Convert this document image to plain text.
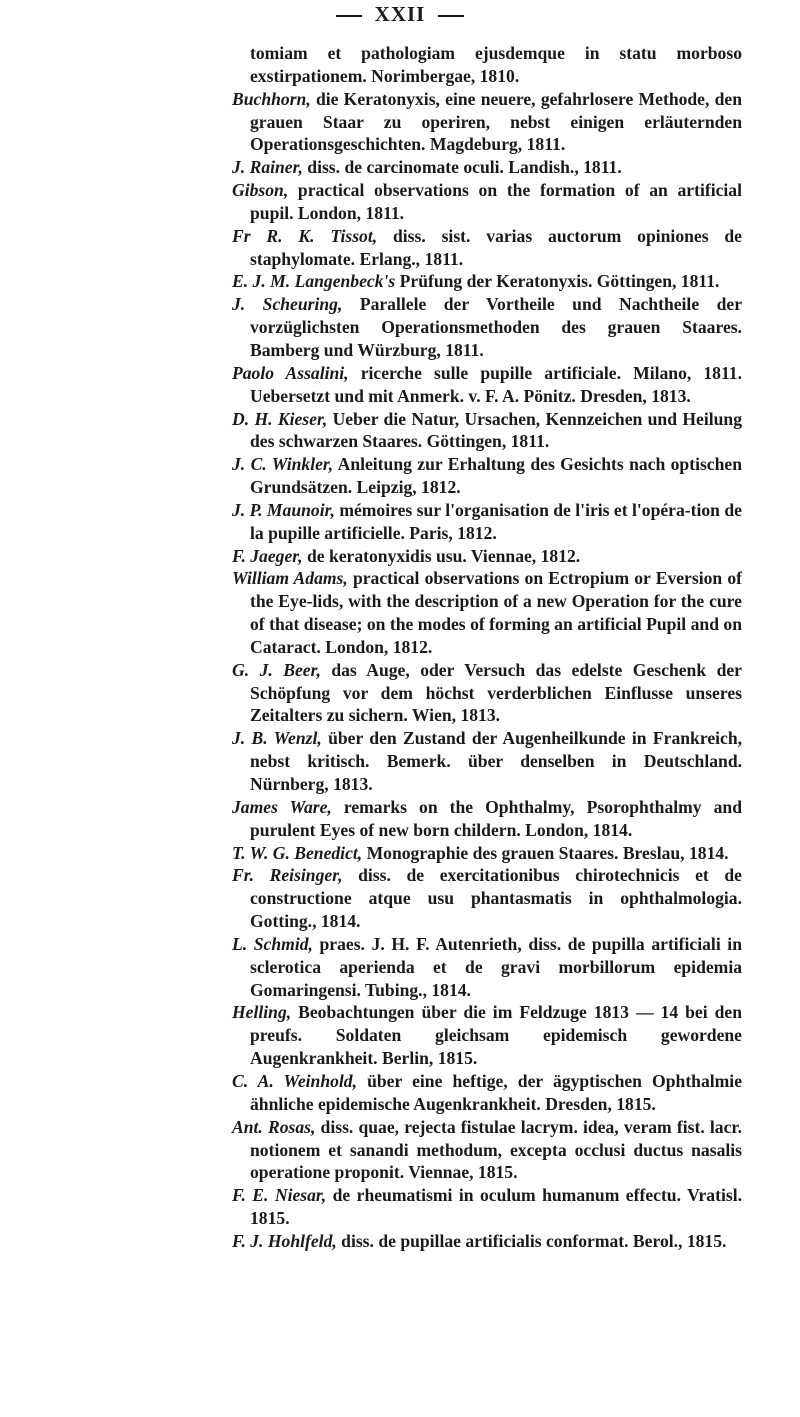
XXII
tomiam et pathologiam ejusdemque in statu morboso exstirpationem. Norimbergae, 1810.
Buchhorn, die Keratonyxis, eine neuere, gefahrlosere Methode, den grauen Staar zu operiren, nebst einigen erläuternden Operationsgeschichten. Magdeburg, 1811.
J. Rainer, diss. de carcinomate oculi. Landish., 1811.
Gibson, practical observations on the formation of an artificial pupil. London, 1811.
Fr R. K. Tissot, diss. sist. varias auctorum opiniones de staphylomate. Erlang., 1811.
E. J. M. Langenbeck's Prüfung der Keratonyxis. Göttingen, 1811.
J. Scheuring, Parallele der Vortheile und Nachtheile der vorzüglichsten Operationsmethoden des grauen Staares. Bamberg und Würzburg, 1811.
Paolo Assalini, ricerche sulle pupille artificiale. Milano, 1811. Uebersetzt und mit Anmerk. v. F. A. Pönitz. Dresden, 1813.
D. H. Kieser, Ueber die Natur, Ursachen, Kennzeichen und Heilung des schwarzen Staares. Göttingen, 1811.
J. C. Winkler, Anleitung zur Erhaltung des Gesichts nach optischen Grundsätzen. Leipzig, 1812.
J. P. Maunoir, mémoires sur l'organisation de l'iris et l'opéra-tion de la pupille artificielle. Paris, 1812.
F. Jaeger, de keratonyxidis usu. Viennae, 1812.
William Adams, practical observations on Ectropium or Eversion of the Eye-lids, with the description of a new Operation for the cure of that disease; on the modes of forming an artificial Pupil and on Cataract. London, 1812.
G. J. Beer, das Auge, oder Versuch das edelste Geschenk der Schöpfung vor dem höchst verderblichen Einflusse unseres Zeitalters zu sichern. Wien, 1813.
J. B. Wenzl, über den Zustand der Augenheilkunde in Frankreich, nebst kritisch. Bemerk. über denselben in Deutschland. Nürnberg, 1813.
James Ware, remarks on the Ophthalmy, Psorophthalmy and purulent Eyes of new born childern. London, 1814.
T. W. G. Benedict, Monographie des grauen Staares. Breslau, 1814.
Fr. Reisinger, diss. de exercitationibus chirotechnicis et de constructione atque usu phantasmatis in ophthalmologia. Gotting., 1814.
L. Schmid, praes. J. H. F. Autenrieth, diss. de pupilla artificiali in sclerotica aperienda et de gravi morbillorum epidemia Gomaringensi. Tubing., 1814.
Helling, Beobachtungen über die im Feldzuge 1813 — 14 bei den preufs. Soldaten gleichsam epidemisch gewordene Augenkrankheit. Berlin, 1815.
C. A. Weinhold, über eine heftige, der ägyptischen Ophthalmie ähnliche epidemische Augenkrankheit. Dresden, 1815.
Ant. Rosas, diss. quae, rejecta fistulae lacrym. idea, veram fist. lacr. notionem et sanandi methodum, excepta occlusi ductus nasalis operatione proponit. Viennae, 1815.
F. E. Niesar, de rheumatismi in oculum humanum effectu. Vratisl. 1815.
F. J. Hohlfeld, diss. de pupillae artificialis conformat. Berol., 1815.
